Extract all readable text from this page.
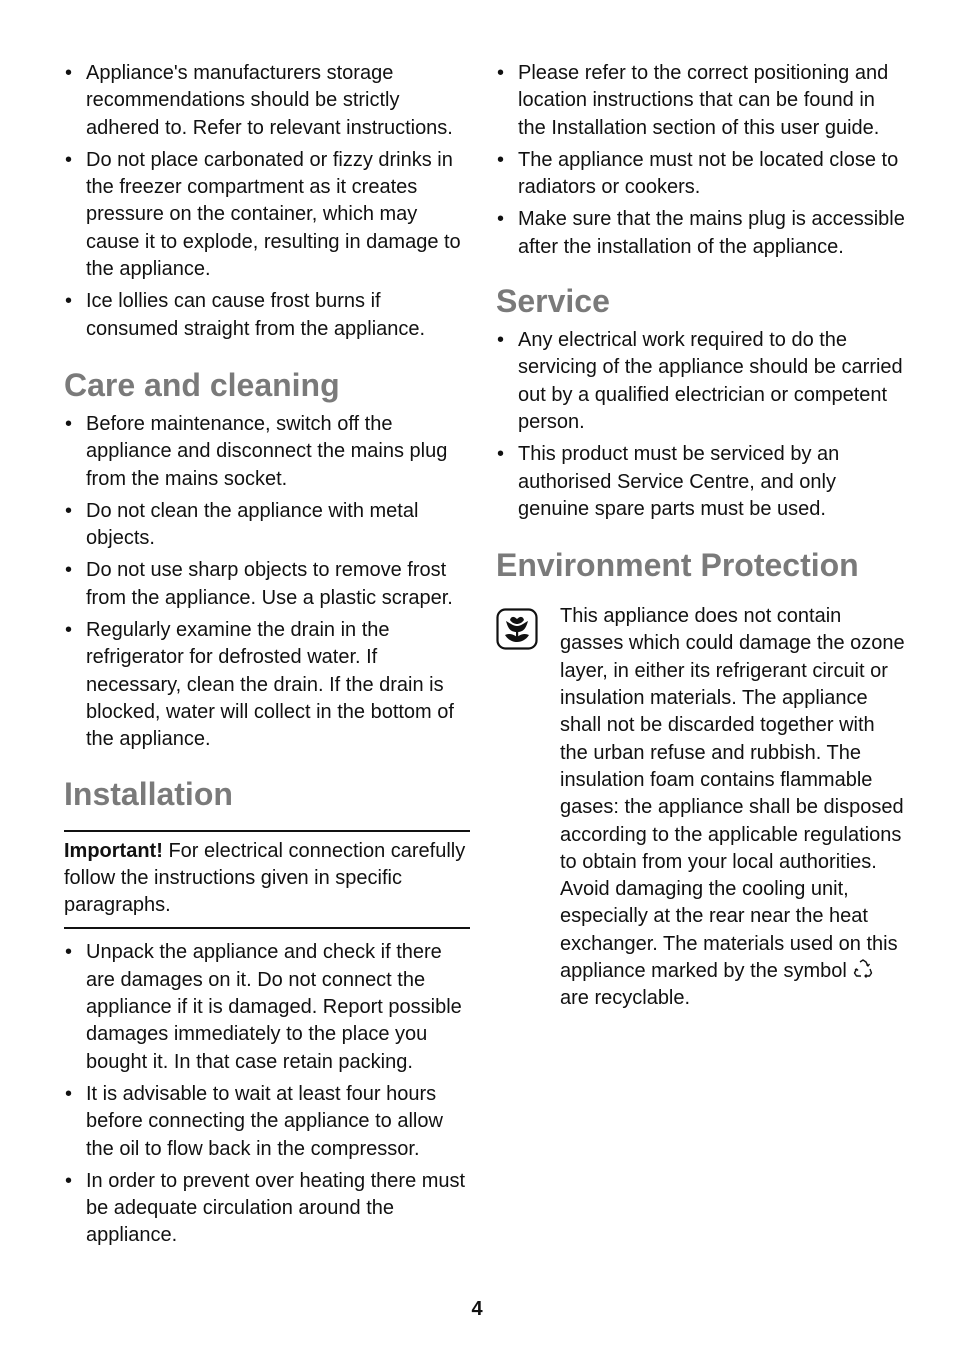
• Appliance's manufacturers storage recommendations should be strictly adhered to. Refer to relevant instructions.
• Do not place carbonated or fizzy drinks in the freezer compartment as it creates pressure on the container, which may cause it to explode, resulting in damage to the appliance.
• Ice lollies can cause frost burns if consumed straight from the appliance.
Care and cleaning
• Before maintenance, switch off the appliance and disconnect the mains plug from the mains socket.
• Do not clean the appliance with metal objects.
• Do not use sharp objects to remove frost from the appliance. Use a plastic scraper.
• Regularly examine the drain in the refrigerator for defrosted water. If necessary, clean the drain. If the drain is blocked, water will collect in the bottom of the appliance.
Installation

Important! For electrical connection carefully follow the instructions given in specific paragraphs.

• Unpack the appliance and check if there are damages on it. Do not connect the appliance if it is damaged. Report possible damages immediately to the place you bought it. In that case retain packing.
• It is advisable to wait at least four hours before connecting the appliance to allow the oil to flow back in the compressor.
• In order to prevent over heating there must be adequate circulation around the appliance.
• Please refer to the correct positioning and location instructions that can be found in the Installation section of this user guide.
• The appliance must not be located close to radiators or cookers.
• Make sure that the mains plug is accessible after the installation of the appliance.
Service
• Any electrical work required to do the servicing of the appliance should be carried out by a qualified electrician or competent person.
• This product must be serviced by an authorised Service Centre, and only genuine spare parts must be used.
Environment Protection
This appliance does not contain gasses which could damage the ozone layer, in either its refrigerant circuit or insulation materials. The appliance shall not be discarded together with the urban refuse and rubbish. The insulation foam contains flammable gases: the appliance shall be disposed according to the applicable regulations to obtain from your local authorities. Avoid damaging the cooling unit, especially at the rear near the heat exchanger. The materials used on this appliance marked by the symbol  are recyclable.
4
